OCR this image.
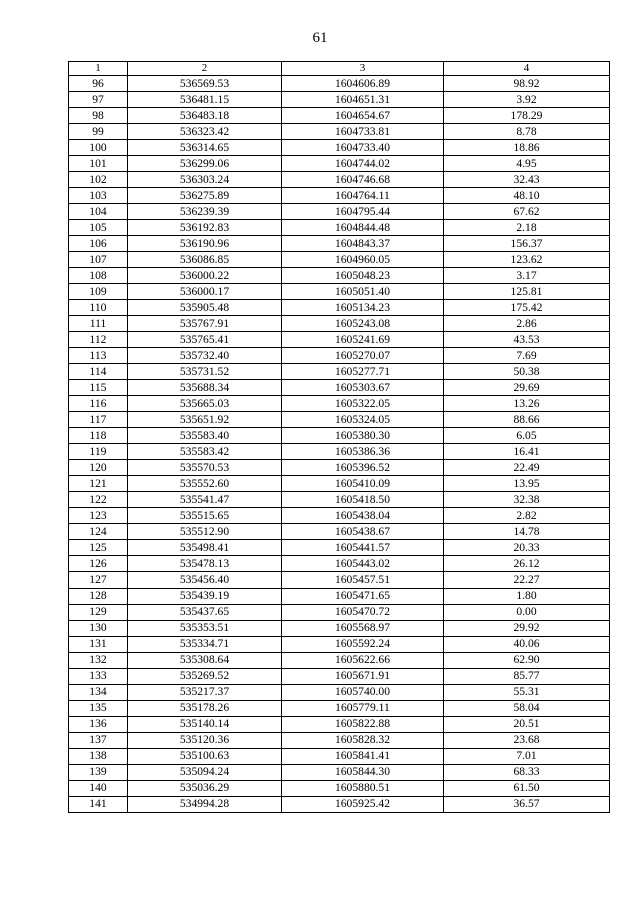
61
1	2	3	4
96	536569.53	1604606.89	98.92
97	536481.15	1604651.31	3.92
98	536483.18	1604654.67	178.29
99	536323.42	1604733.81	8.78
100	536314.65	1604733.40	18.86
101	536299.06	1604744.02	4.95
102	536303.24	1604746.68	32.43
103	536275.89	1604764.11	48.10
104	536239.39	1604795.44	67.62
105	536192.83	1604844.48	2.18
106	536190.96	1604843.37	156.37
107	536086.85	1604960.05	123.62
108	536000.22	1605048.23	3.17
109	536000.17	1605051.40	125.81
110	535905.48	1605134.23	175.42
111	535767.91	1605243.08	2.86
112	535765.41	1605241.69	43.53
113	535732.40	1605270.07	7.69
114	535731.52	1605277.71	50.38
115	535688.34	1605303.67	29.69
116	535665.03	1605322.05	13.26
117	535651.92	1605324.05	88.66
118	535583.40	1605380.30	6.05
119	535583.42	1605386.36	16.41
120	535570.53	1605396.52	22.49
121	535552.60	1605410.09	13.95
122	535541.47	1605418.50	32.38
123	535515.65	1605438.04	2.82
124	535512.90	1605438.67	14.78
125	535498.41	1605441.57	20.33
126	535478.13	1605443.02	26.12
127	535456.40	1605457.51	22.27
128	535439.19	1605471.65	1.80
129	535437.65	1605470.72	0.00
130	535353.51	1605568.97	29.92
131	535334.71	1605592.24	40.06
132	535308.64	1605622.66	62.90
133	535269.52	1605671.91	85.77
134	535217.37	1605740.00	55.31
135	535178.26	1605779.11	58.04
136	535140.14	1605822.88	20.51
137	535120.36	1605828.32	23.68
138	535100.63	1605841.41	7.01
139	535094.24	1605844.30	68.33
140	535036.29	1605880.51	61.50
141	534994.28	1605925.42	36.57
